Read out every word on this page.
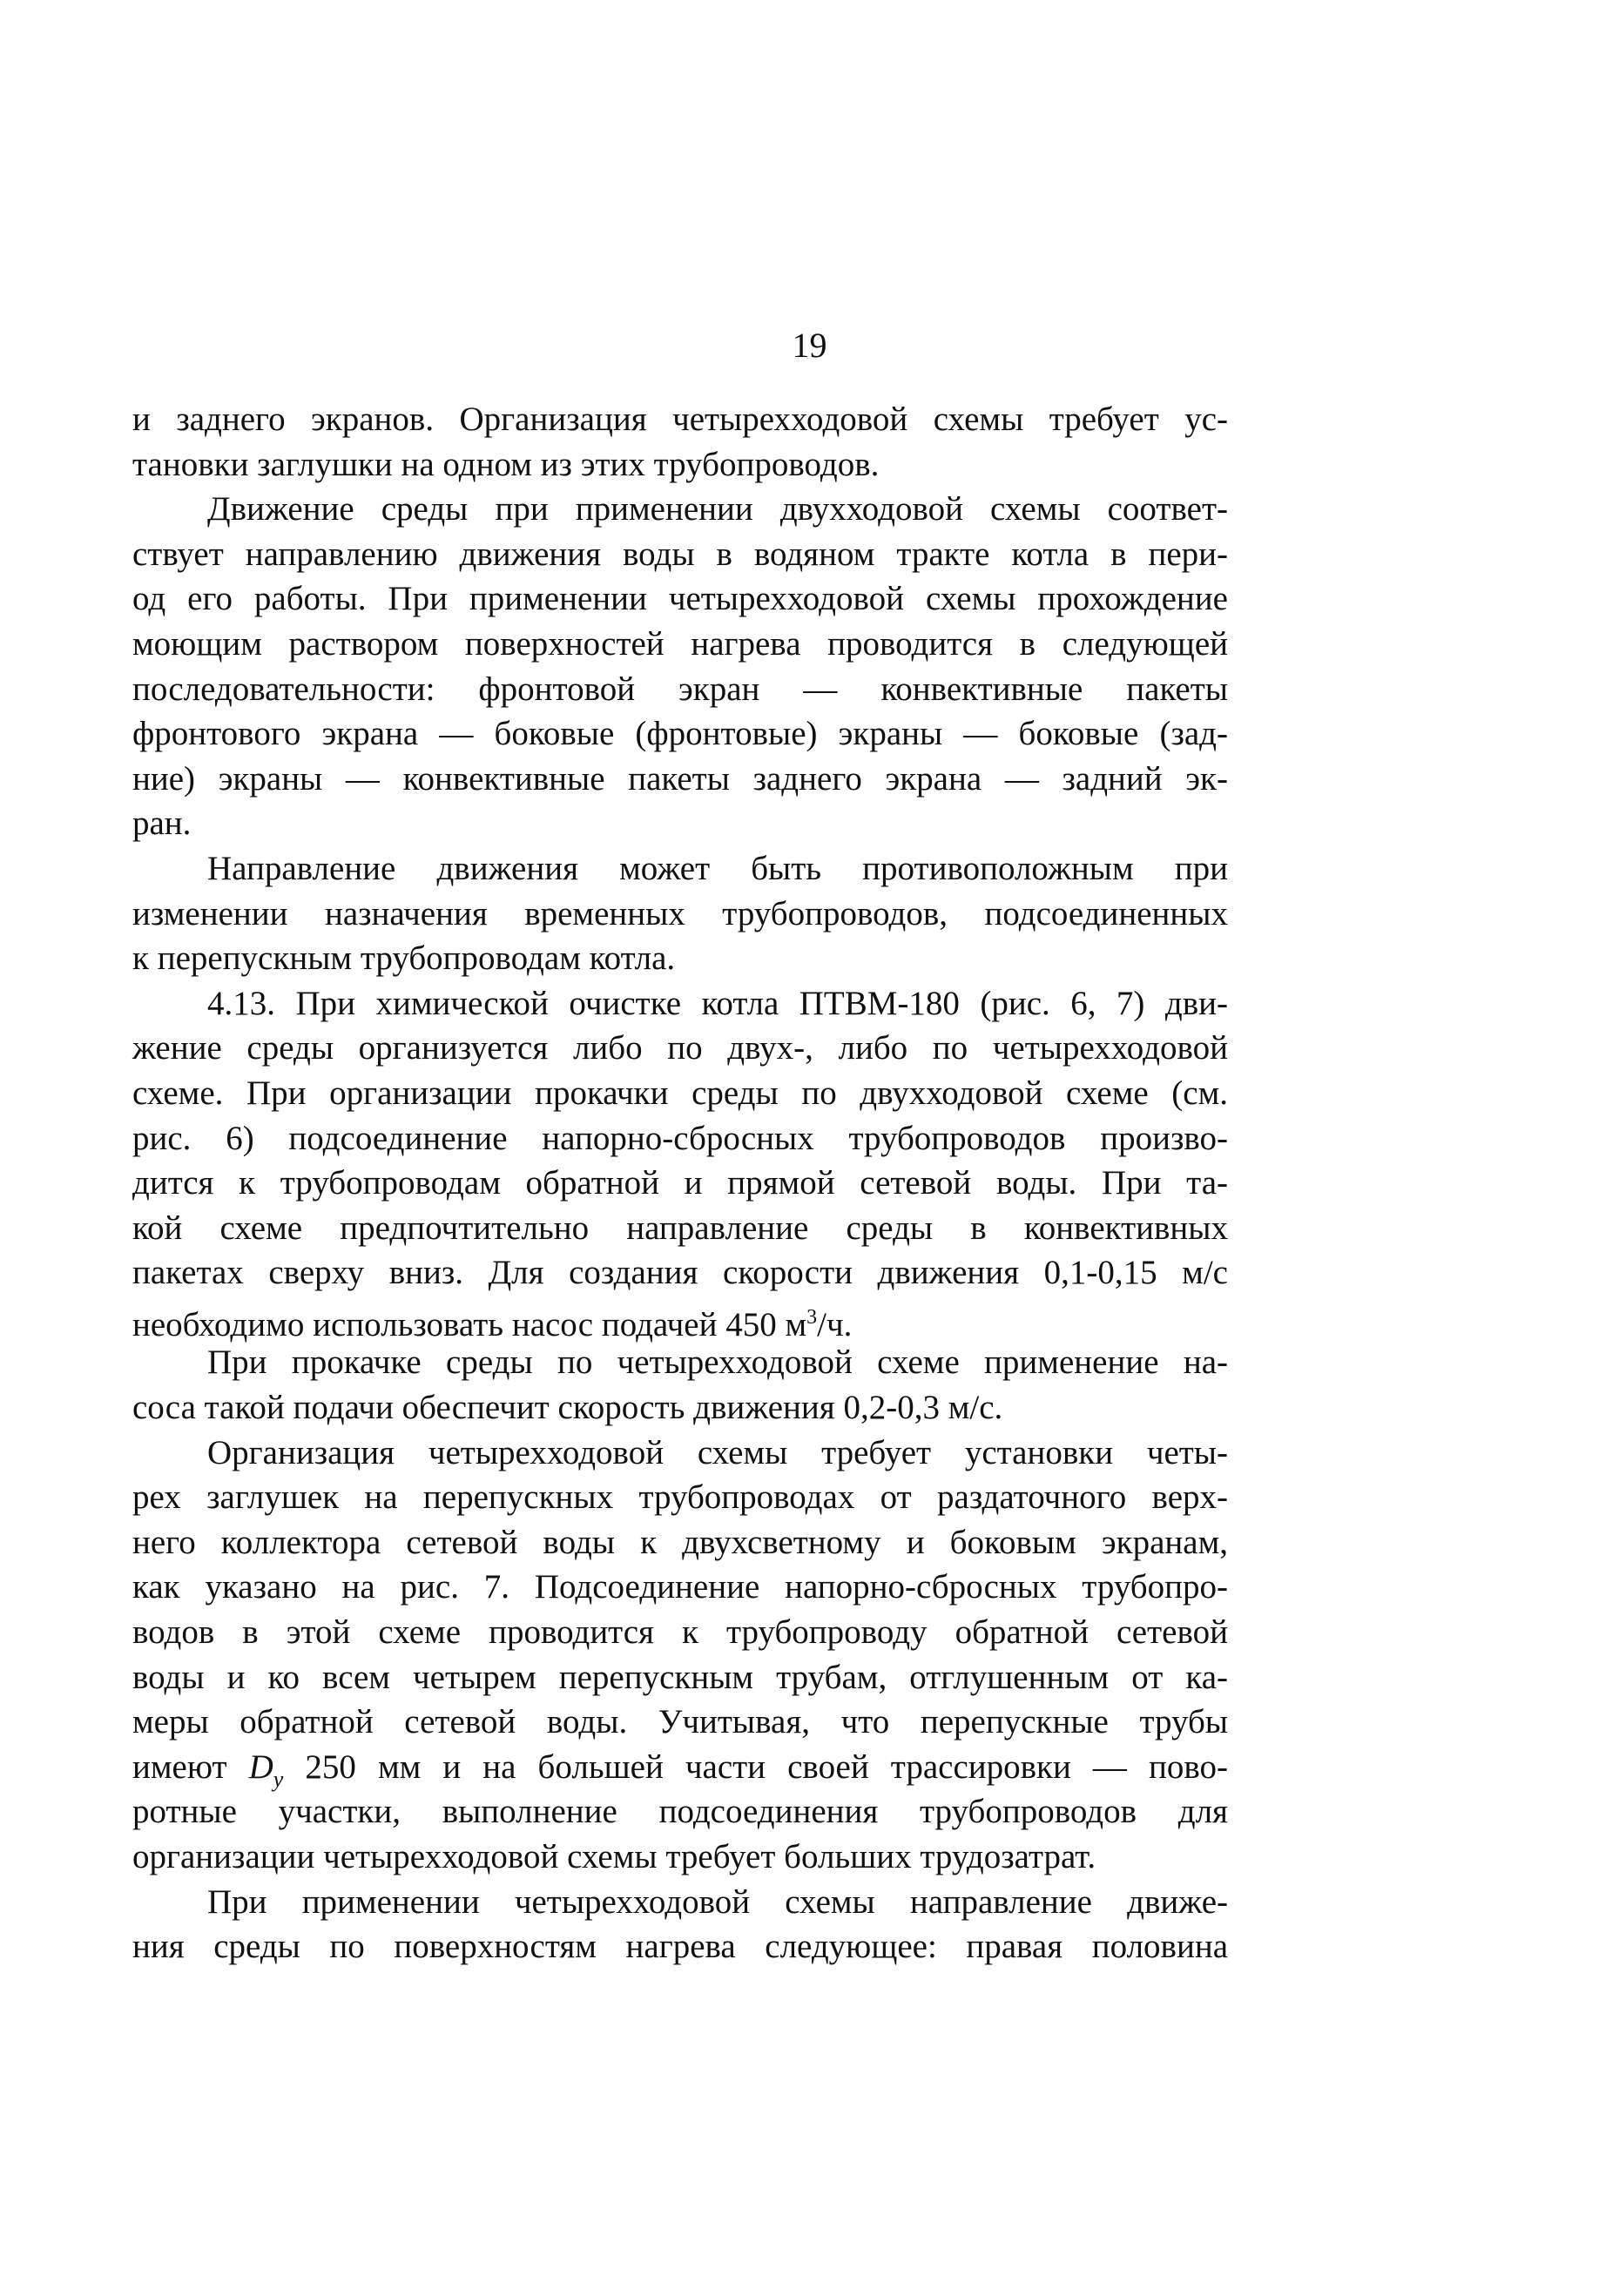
19
и заднего экранов. Организация четырехходовой схемы требует ус-
тановки заглушки на одном из этих трубопроводов.
Движение среды при применении двухходовой схемы соответ-
ствует направлению движения воды в водяном тракте котла в пери-
од его работы. При применении четырехходовой схемы прохождение
моющим раствором поверхностей нагрева проводится в следующей
последовательности: фронтовой экран — конвективные пакеты
фронтового экрана — боковые (фронтовые) экраны — боковые (зад-
ние) экраны — конвективные пакеты заднего экрана — задний эк-
ран.
Направление движения может быть противоположным при
изменении назначения временных трубопроводов, подсоединенных
к перепускным трубопроводам котла.
4.13. При химической очистке котла ПТВМ-180 (рис. 6, 7) дви-
жение среды организуется либо по двух-, либо по четырехходовой
схеме. При организации прокачки среды по двухходовой схеме (см.
рис. 6) подсоединение напорно-сбросных трубопроводов произво-
дится к трубопроводам обратной и прямой сетевой воды. При та-
кой схеме предпочтительно направление среды в конвективных
пакетах сверху вниз. Для создания скорости движения 0,1-0,15 м/с
необходимо использовать насос подачей 450 $м^3/ч$.
При прокачке среды по четырехходовой схеме применение на-
соса такой подачи обеспечит скорость движения 0,2-0,3 м/с.
Организация четырехходовой схемы требует установки четы-
рех заглушек на перепускных трубопроводах от раздаточного верх-
него коллектора сетевой воды к двухсветному и боковым экранам,
как указано на рис. 7. Подсоединение напорно-сбросных трубопро-
водов в этой схеме проводится к трубопроводу обратной сетевой
воды и ко всем четырем перепускным трубам, отглушенным от ка-
меры обратной сетевой воды. Учитывая, что перепускные трубы
имеют $D_у$ 250 мм и на большей части своей трассировки — пово-
ротные участки, выполнение подсоединения трубопроводов для
организации четырехходовой схемы требует больших трудозатрат.
При применении четырехходовой схемы направление движе-
ния среды по поверхностям нагрева следующее: правая половина
